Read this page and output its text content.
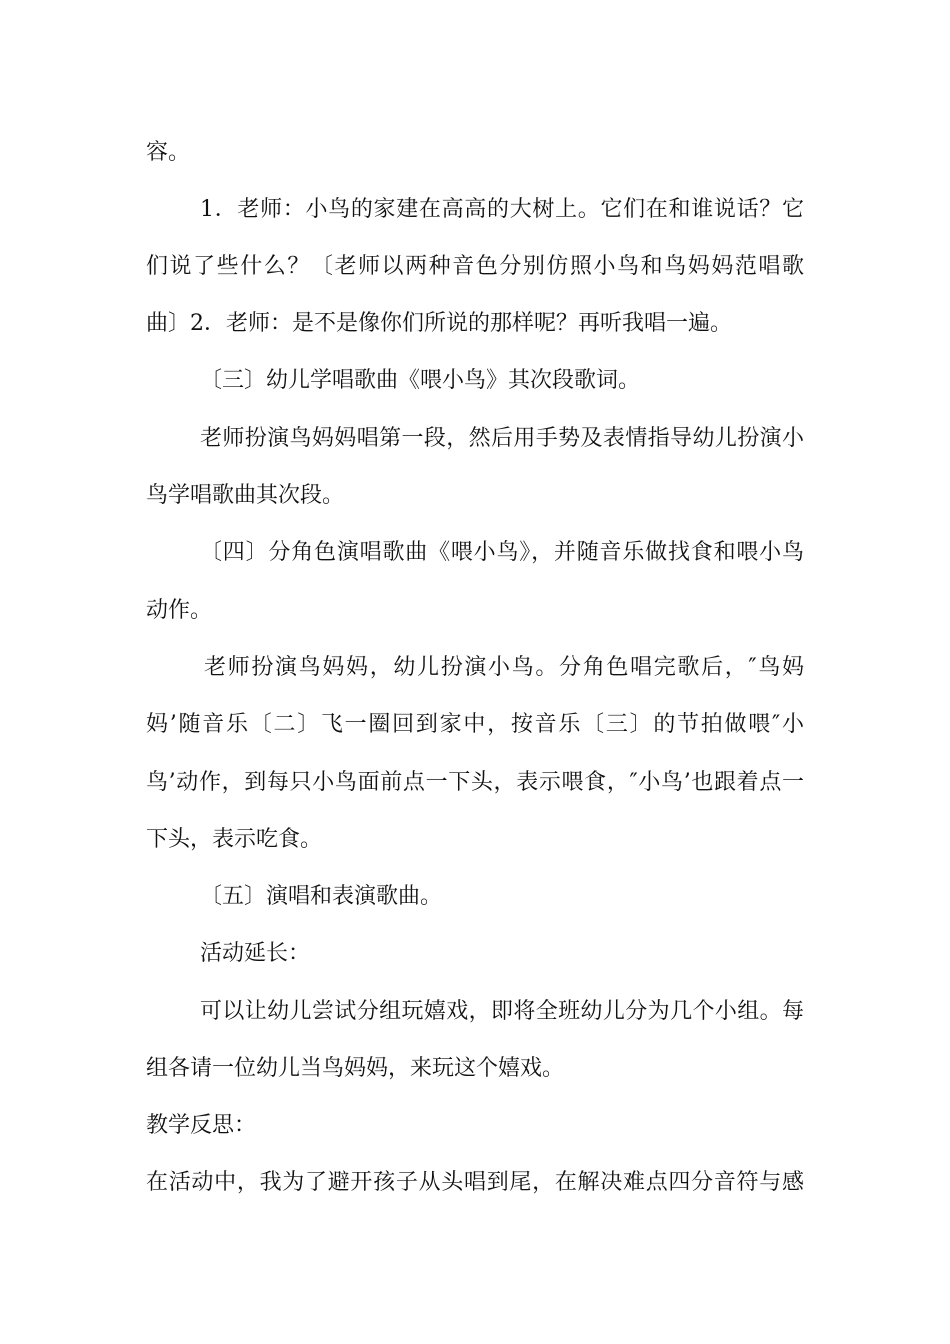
容。

1．老师：小鸟的家建在高高的大树上。它们在和谁说话？它

们说了些什么？〔老师以两种音色分别仿照小鸟和鸟妈妈范唱歌

曲〕2．老师：是不是像你们所说的那样呢？再听我唱一遍。

〔三〕幼儿学唱歌曲《喂小鸟》其次段歌词。

老师扮演鸟妈妈唱第一段，然后用手势及表情指导幼儿扮演小

鸟学唱歌曲其次段。

〔四〕分角色演唱歌曲《喂小鸟》，并随音乐做找食和喂小鸟

动作。

老师扮演鸟妈妈，幼儿扮演小鸟。分角色唱完歌后，″鸟妈

妈’随音乐〔二〕飞一圈回到家中，按音乐〔三〕的节拍做喂″小

鸟’动作，到每只小鸟面前点一下头，表示喂食，″小鸟’也跟着点一

下头，表示吃食。

〔五〕演唱和表演歌曲。

活动延长：

可以让幼儿尝试分组玩嬉戏，即将全班幼儿分为几个小组。每

组各请一位幼儿当鸟妈妈，来玩这个嬉戏。

教学反思：

在活动中，我为了避开孩子从头唱到尾，在解决难点四分音符与感
